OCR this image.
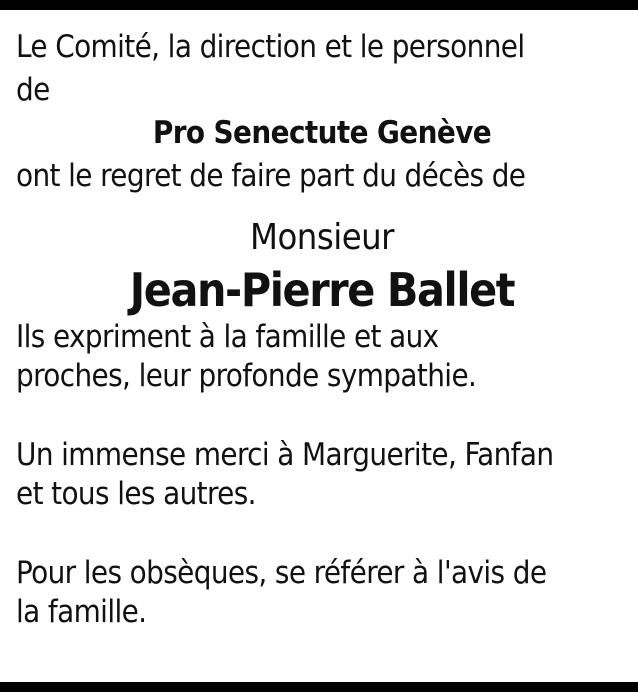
Le Comité, la direction et le personnel
de
Pro Senectute Genève
ont le regret de faire part du décès de
Monsieur
Jean-Pierre Ballet
Ils expriment à la famille et aux
proches, leur profonde sympathie.
Un immense merci à Marguerite, Fanfan
et tous les autres.
Pour les obsèques, se référer à l'avis de
la famille.
